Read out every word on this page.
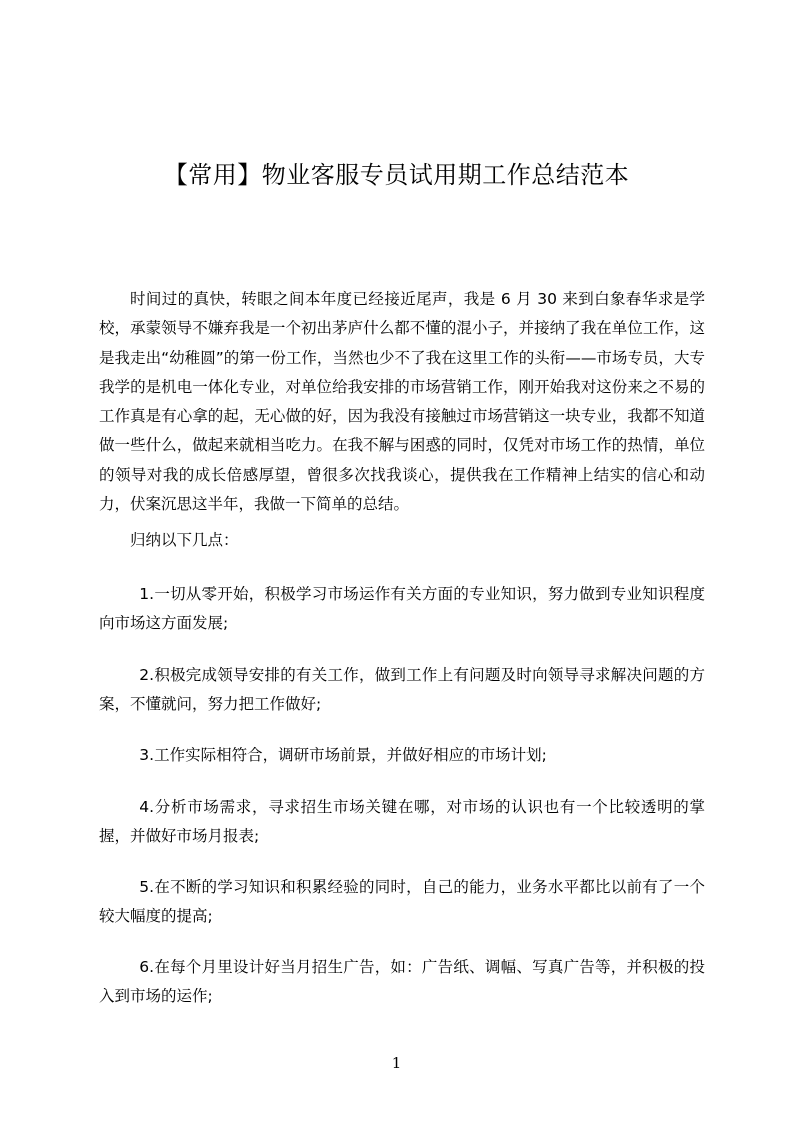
【常用】物业客服专员试用期工作总结范本

时间过的真快，转眼之间本年度已经接近尾声，我是 6 月 30 来到白象春华求是学校，承蒙领导不嫌弃我是一个初出茅庐什么都不懂的混小子，并接纳了我在单位工作，这是我走出“幼稚圆”的第一份工作，当然也少不了我在这里工作的头衔——市场专员，大专我学的是机电一体化专业，对单位给我安排的市场营销工作，刚开始我对这份来之不易的工作真是有心拿的起，无心做的好，因为我没有接触过市场营销这一块专业，我都不知道做一些什么，做起来就相当吃力。在我不解与困惑的同时，仅凭对市场工作的热情，单位的领导对我的成长倍感厚望，曾很多次找我谈心，提供我在工作精神上结实的信心和动力，伏案沉思这半年，我做一下简单的总结。

归纳以下几点：

1.一切从零开始，积极学习市场运作有关方面的专业知识，努力做到专业知识程度向市场这方面发展;

2.积极完成领导安排的有关工作，做到工作上有问题及时向领导寻求解决问题的方案，不懂就问，努力把工作做好;

3.工作实际相符合，调研市场前景，并做好相应的市场计划;

4.分析市场需求，寻求招生市场关键在哪，对市场的认识也有一个比较透明的掌握，并做好市场月报表;

5.在不断的学习知识和积累经验的同时，自己的能力，业务水平都比以前有了一个较大幅度的提高;

6.在每个月里设计好当月招生广告，如：广告纸、调幅、写真广告等，并积极的投入到市场的运作;

1
